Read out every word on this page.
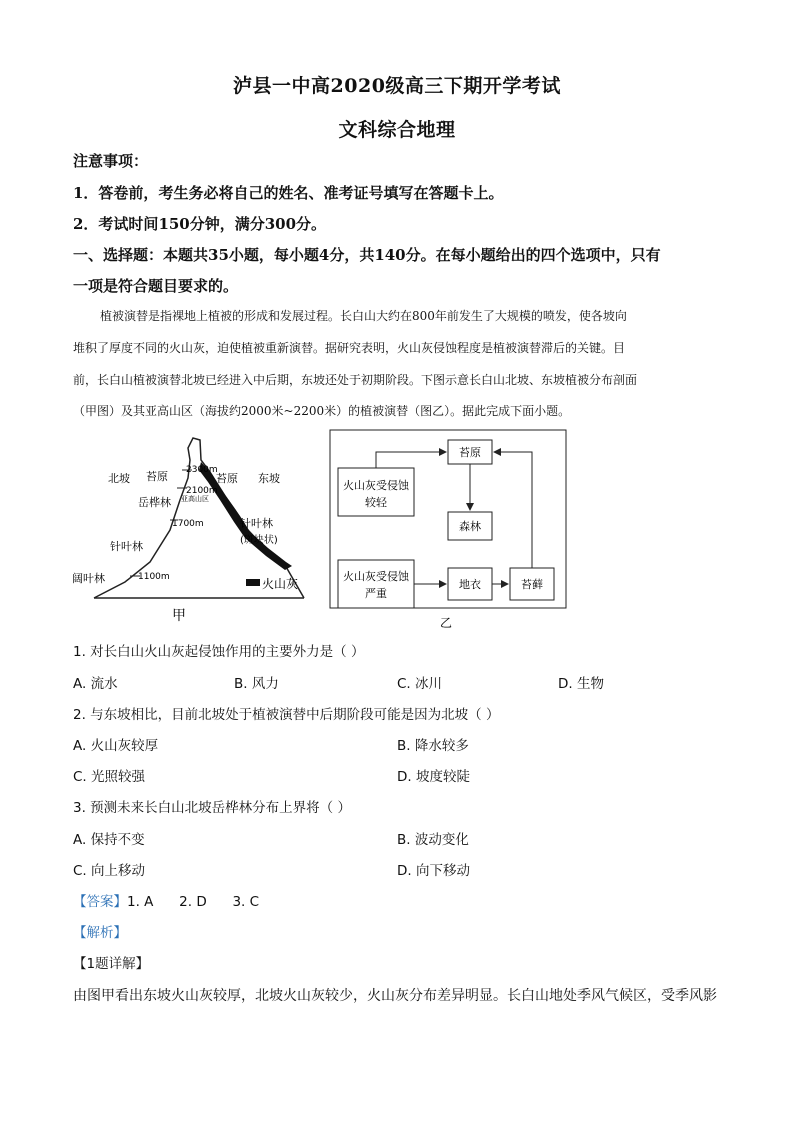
泸县一中高2020级高三下期开学考试
文科综合地理
注意事项：
1．答卷前，考生务必将自己的姓名、准考证号填写在答题卡上。
2．考试时间150分钟，满分300分。
一、选择题：本题共35小题，每小题4分，共140分。在每小题给出的四个选项中，只有
一项是符合题目要求的。
植被演替是指裸地上植被的形成和发展过程。长白山大约在800年前发生了大规模的喷发，使各坡向
堆积了厚度不同的火山灰，迫使植被重新演替。据研究表明，火山灰侵蚀程度是植被演替滞后的关键。目
前，长白山植被演替北坡已经进入中后期，东坡还处于初期阶段。下图示意长白山北坡、东坡植被分布剖面
（甲图）及其亚高山区（海拔约2000米~2200米）的植被演替（图乙）。据此完成下面小题。
北坡 苔原 2300m
苔原 东坡
岳桦林
2100m
亚高山区
1700m	针叶林
(斑块状)
针叶林
1100m
阔叶林	火山灰
甲
苔原
火山灰受侵蚀
较轻
森林
火山灰受侵蚀
严重
地衣	苔藓
乙
1. 对长白山火山灰起侵蚀作用的主要外力是（ ）
A. 流水	B. 风力	C. 冰川	D. 生物
2. 与东坡相比，目前北坡处于植被演替中后期阶段可能是因为北坡（ ）
A. 火山灰较厚	B. 降水较多
C. 光照较强	D. 坡度较陡
3. 预测未来长白山北坡岳桦林分布上界将（ ）
A. 保持不变	B. 波动变化
C. 向上移动	D. 向下移动
【答案】1. A      2. D      3. C
【解析】
【1题详解】
由图甲看出东坡火山灰较厚，北坡火山灰较少，火山灰分布差异明显。长白山地处季风气候区，受季风影
